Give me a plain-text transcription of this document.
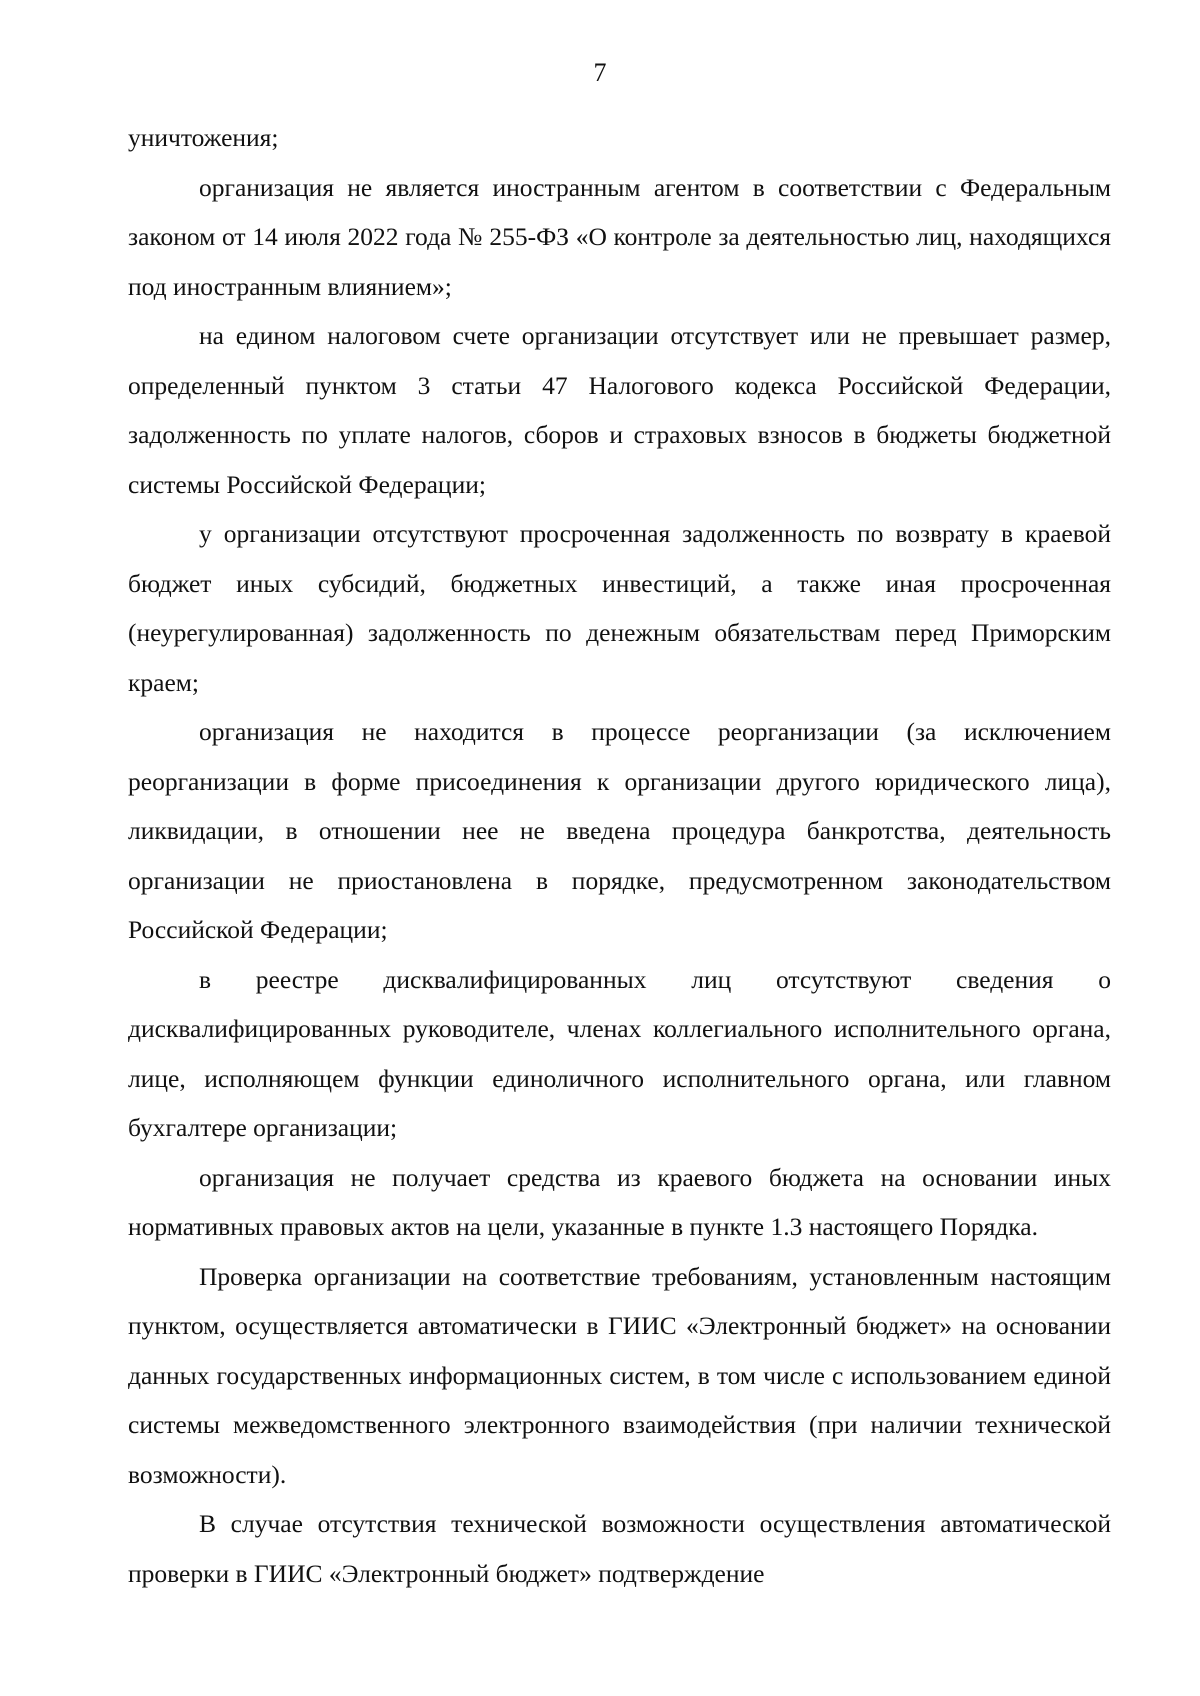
7

уничтожения;

организация не является иностранным агентом в соответствии с Федеральным законом от 14 июля 2022 года № 255-ФЗ «О контроле за деятельностью лиц, находящихся под иностранным влиянием»;

на едином налоговом счете организации отсутствует или не превышает размер, определенный пунктом 3 статьи 47 Налогового кодекса Российской Федерации, задолженность по уплате налогов, сборов и страховых взносов в бюджеты бюджетной системы Российской Федерации;

у организации отсутствуют просроченная задолженность по возврату в краевой бюджет иных субсидий, бюджетных инвестиций, а также иная просроченная (неурегулированная) задолженность по денежным обязательствам перед Приморским краем;

организация не находится в процессе реорганизации (за исключением реорганизации в форме присоединения к организации другого юридического лица), ликвидации, в отношении нее не введена процедура банкротства, деятельность организации не приостановлена в порядке, предусмотренном законодательством Российской Федерации;

в реестре дисквалифицированных лиц отсутствуют сведения о дисквалифицированных руководителе, членах коллегиального исполнительного органа, лице, исполняющем функции единоличного исполнительного органа, или главном бухгалтере организации;

организация не получает средства из краевого бюджета на основании иных нормативных правовых актов на цели, указанные в пункте 1.3 настоящего Порядка.

Проверка организации на соответствие требованиям, установленным настоящим пунктом, осуществляется автоматически в ГИИС «Электронный бюджет» на основании данных государственных информационных систем, в том числе с использованием единой системы межведомственного электронного взаимодействия (при наличии технической возможности).

В случае отсутствия технической возможности осуществления автоматической проверки в ГИИС «Электронный бюджет» подтверждение
